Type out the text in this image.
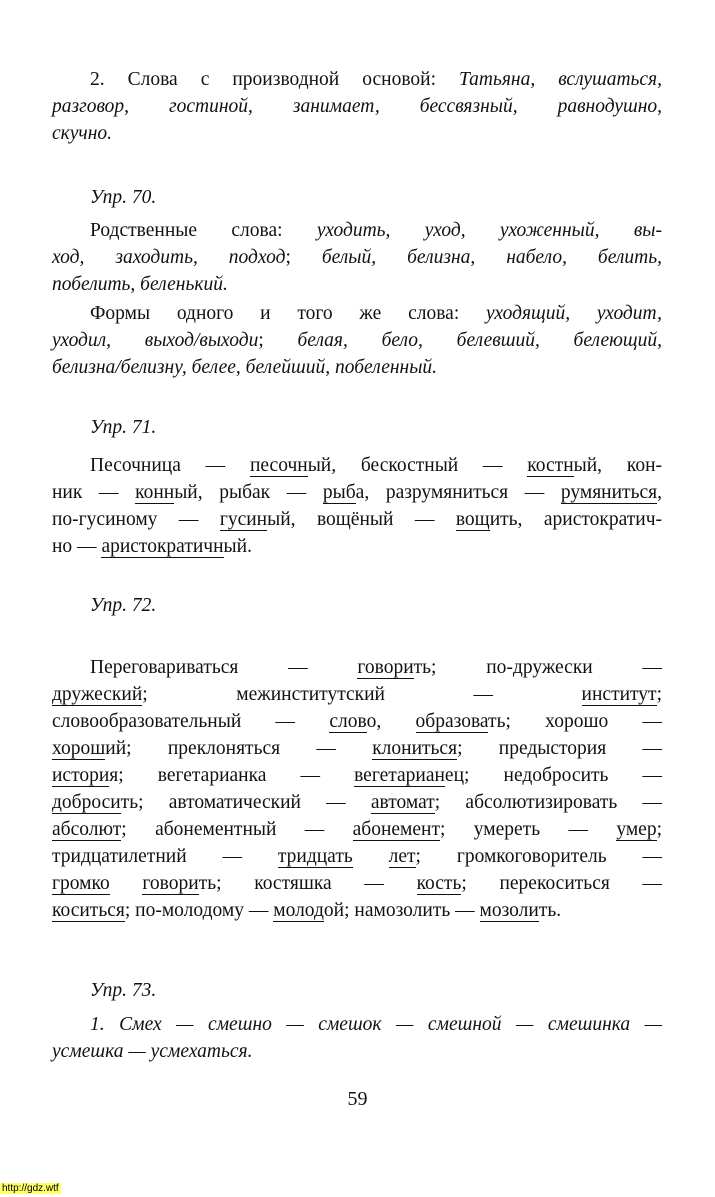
2. Слова с производной основой: Татьяна, вслушаться,
разговор, гостиной, занимает, бессвязный, равнодушно,
скучно.
Упр. 70.
Родственные слова: уходить, уход, ухоженный, вы-
ход, заходить, подход; белый, белизна, набело, белить,
побелить, беленький.
Формы одного и того же слова: уходящий, уходит,
уходил, выход/выходи; белая, бело, белевший, белеющий,
белизна/белизну, белее, белейший, побеленный.
Упр. 71.
Песочница — песочный, бескостный — костный, кон-
ник — конный, рыбак — рыба, разрумяниться — румяниться,
по-гусиному — гусиный, вощёный — вощить, аристократич-
но — аристократичный.
Упр. 72.
Переговариваться — говорить; по-дружески —
дружеский; межинститутский — институт;
словообразовательный — слово, образовать; хорошо —
хороший; преклоняться — клониться; предыстория —
история; вегетарианка — вегетарианец; недобросить —
добросить; автоматический — автомат; абсолютизировать —
абсолют; абонементный — абонемент; умереть — умер;
тридцатилетний — тридцать лет; громкоговоритель —
громко говорить; костяшка — кость; перекоситься —
коситься; по-молодому — молодой; намозолить — мозолить.
Упр. 73.
1. Смех — смешно — смешок — смешной — смешинка —
усмешка — усмехаться.
59
http://gdz.wtf
